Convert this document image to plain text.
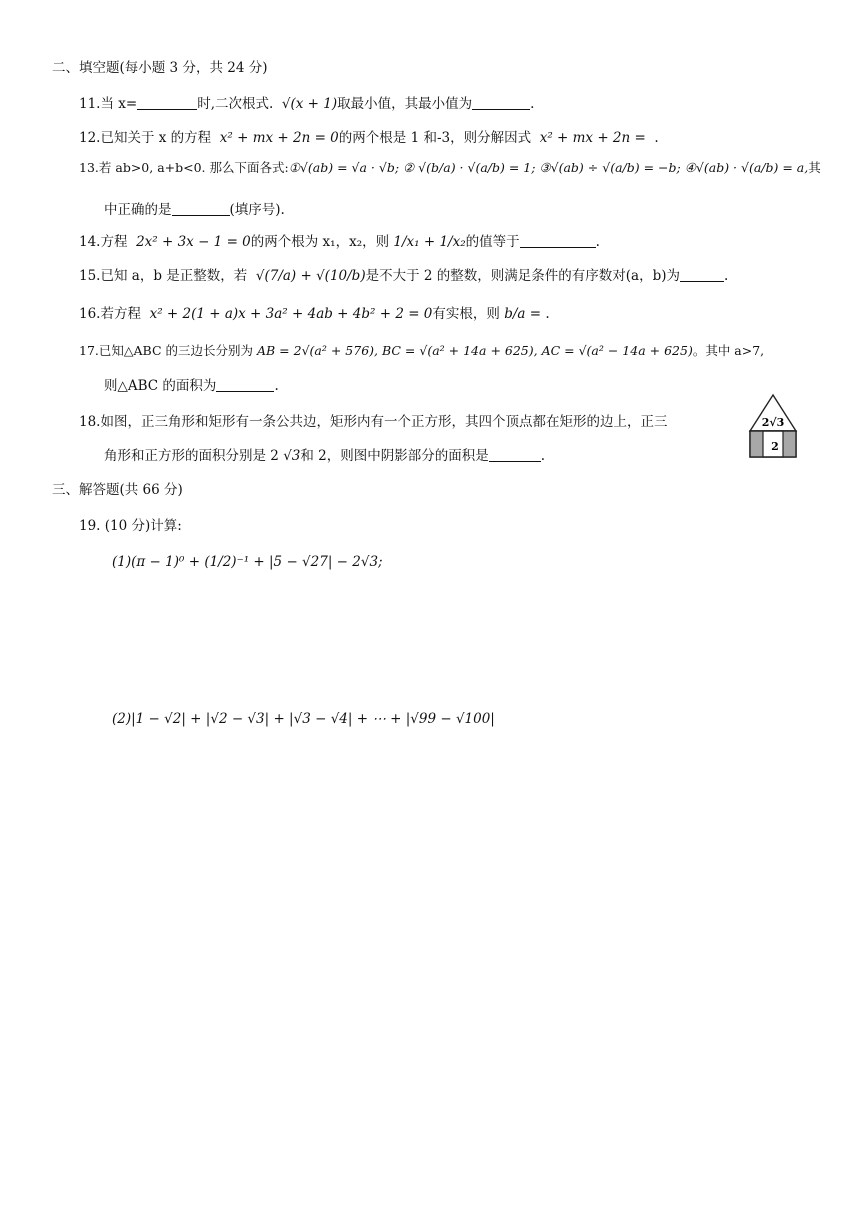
二、填空题(每小题 3 分，共 24 分)
11.当 x=	时,二次根式. √(x + 1)取最小值，其最小值为	.
12.已知关于 x 的方程 x² + mx + 2n = 0的两个根是 1 和-3，则分解因式 x² + mx + 2n = .
13.若 ab>0, a+b<0. 那么下面各式:①√(ab) = √a · √b; ② √(b/a) · √(a/b) = 1; ③√(ab) ÷ √(a/b) = −b; ④√(ab) · √(a/b) = a,其
中正确的是	(填序号).
14.方程 2x² + 3x − 1 = 0的两个根为 x₁，x₂，则 1/x₁ + 1/x₂的值等于	.
15.已知 a，b 是正整数，若 √(7/a) + √(10/b)是不大于 2 的整数，则满足条件的有序数对(a，b)为	.
16.若方程 x² + 2(1 + a)x + 3a² + 4ab + 4b² + 2 = 0有实根，则 b/a = .
17.已知△ABC 的三边长分别为 AB = 2√(a² + 576), BC = √(a² + 14a + 625), AC = √(a² − 14a + 625)。其中 a>7,
则△ABC 的面积为	.
18.如图，正三角形和矩形有一条公共边，矩形内有一个正方形，其四个顶点都在矩形的边上，正三
角形和正方形的面积分别是 2 √3和 2，则图中阴影部分的面积是	.
2√3
2
三、解答题(共 66 分)
19. (10 分)计算:
(1)(π − 1)⁰ + (1/2)⁻¹ + |5 − √27| − 2√3;
(2)|1 − √2| + |√2 − √3| + |√3 − √4| + ⋯ + |√99 − √100|
